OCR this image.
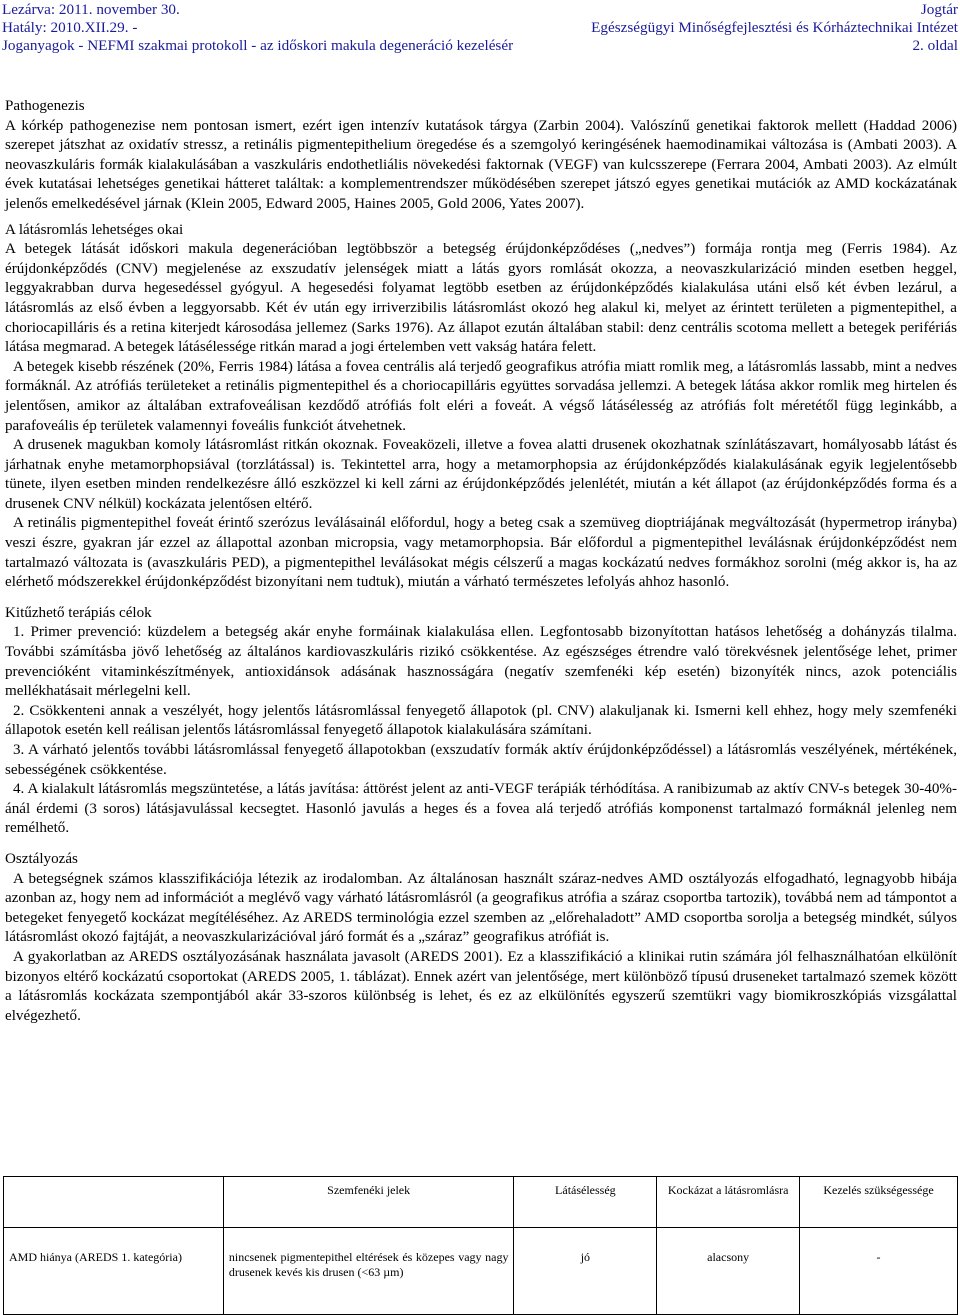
Lezárva: 2011. november 30.	Jogtár
Hatály: 2010.XII.29. -	Egészségügyi Minőségfejlesztési és Kórháztechnikai Intézet
Joganyagok - NEFMI szakmai protokoll - az időskori makula degeneráció kezelésér	2. oldal
Pathogenezis

A kórkép pathogenezise nem pontosan ismert, ezért igen intenzív kutatások tárgya (Zarbin 2004). Valószínű genetikai faktorok mellett (Haddad 2006) szerepet játszhat az oxidatív stressz, a retinális pigmentepithelium öregedése és a szemgolyó keringésének haemodinamikai változása is (Ambati 2003). A neovaszkuláris formák kialakulásában a vaszkuláris endothetliális növekedési faktornak (VEGF) van kulcsszerepe (Ferrara 2004, Ambati 2003). Az elmúlt évek kutatásai lehetséges genetikai hátteret találtak: a komplementrendszer működésében szerepet játszó egyes genetikai mutációk az AMD kockázatának jelenős emelkedésével járnak (Klein 2005, Edward 2005, Haines 2005, Gold 2006, Yates 2007).

A látásromlás lehetséges okai

A betegek látását időskori makula degenerációban legtöbbször a betegség érújdonképződéses („nedves”) formája rontja meg (Ferris 1984). Az érújdonképződés (CNV) megjelenése az exszudatív jelenségek miatt a látás gyors romlását okozza, a neovaszkularizáció minden esetben heggel, leggyakrabban durva hegesedéssel gyógyul. A hegesedési folyamat legtöbb esetben az érújdonképződés kialakulása utáni első két évben lezárul, a látásromlás az első évben a leggyorsabb. Két év után egy irriverzibilis látásromlást okozó heg alakul ki, melyet az érintett területen a pigmentepithel, a choriocapilláris és a retina kiterjedt károsodása jellemez (Sarks 1976). Az állapot ezután általában stabil: denz centrális scotoma mellett a betegek perifériás látása megmarad. A betegek látásélessége ritkán marad a jogi értelemben vett vakság határa felett.

A betegek kisebb részének (20%, Ferris 1984) látása a fovea centrális alá terjedő geografikus atrófia miatt romlik meg, a látásromlás lassabb, mint a nedves formáknál. Az atrófiás területeket a retinális pigmentepithel és a choriocapilláris együttes sorvadása jellemzi. A betegek látása akkor romlik meg hirtelen és jelentősen, amikor az általában extrafoveálisan kezdődő atrófiás folt eléri a foveát. A végső látásélesség az atrófiás folt méretétől függ leginkább, a parafoveális ép területek valamennyi foveális funkciót átvehetnek.

A drusenek magukban komoly látásromlást ritkán okoznak. Foveaközeli, illetve a fovea alatti drusenek okozhatnak színlátászavart, homályosabb látást és járhatnak enyhe metamorphopsiával (torzlátással) is. Tekintettel arra, hogy a metamorphopsia az érújdonképződés kialakulásának egyik legjelentősebb tünete, ilyen esetben minden rendelkezésre álló eszközzel ki kell zárni az érújdonképződés jelenlétét, miután a két állapot (az érújdonképződés forma és a drusenek CNV nélkül) kockázata jelentősen eltérő.

A retinális pigmentepithel foveát érintő szerózus leválásainál előfordul, hogy a beteg csak a szemüveg dioptriájának megváltozását (hypermetrop irányba) veszi észre, gyakran jár ezzel az állapottal azonban micropsia, vagy metamorphopsia. Bár előfordul a pigmentepithel leválásnak érújdonképződést nem tartalmazó változata is (avaszkuláris PED), a pigmentepithel leválásokat mégis célszerű a magas kockázatú nedves formákhoz sorolni (még akkor is, ha az elérhető módszerekkel érújdonképződést bizonyítani nem tudtuk), miután a várható természetes lefolyás ahhoz hasonló.

Kitűzhető terápiás célok

1. Primer prevenció: küzdelem a betegség akár enyhe formáinak kialakulása ellen. Legfontosabb bizonyítottan hatásos lehetőség a dohányzás tilalma. További számításba jövő lehetőség az általános kardiovaszkuláris rizikó csökkentése. Az egészséges étrendre való törekvésnek jelentősége lehet, primer prevencióként vitaminkészítmények, antioxidánsok adásának hasznosságára (negatív szemfenéki kép esetén) bizonyíték nincs, azok potenciális mellékhatásait mérlegelni kell.

2. Csökkenteni annak a veszélyét, hogy jelentős látásromlással fenyegető állapotok (pl. CNV) alakuljanak ki. Ismerni kell ehhez, hogy mely szemfenéki állapotok esetén kell reálisan jelentős látásromlással fenyegető állapotok kialakulására számítani.

3. A várható jelentős további látásromlással fenyegető állapotokban (exszudatív formák aktív érújdonképződéssel) a látásromlás veszélyének, mértékének, sebességének csökkentése.

4. A kialakult látásromlás megszüntetése, a látás javítása: áttörést jelent az anti-VEGF terápiák térhódítása. A ranibizumab az aktív CNV-s betegek 30-40%-ánál érdemi (3 soros) látásjavulással kecsegtet. Hasonló javulás a heges és a fovea alá terjedő atrófiás komponenst tartalmazó formáknál jelenleg nem remélhető.

Osztályozás

A betegségnek számos klasszifikációja létezik az irodalomban. Az általánosan használt száraz-nedves AMD osztályozás elfogadható, legnagyobb hibája azonban az, hogy nem ad információt a meglévő vagy várható látásromlásról (a geografikus atrófia a száraz csoportba tartozik), továbbá nem ad támpontot a betegeket fenyegető kockázat megítéléséhez. Az AREDS terminológia ezzel szemben az „előrehaladott” AMD csoportba sorolja a betegség mindkét, súlyos látásromlást okozó fajtáját, a neovaszkularizációval járó formát és a „száraz” geografikus atrófiát is.

A gyakorlatban az AREDS osztályozásának használata javasolt (AREDS 2001). Ez a klasszifikáció a klinikai rutin számára jól felhasználhatóan elkülönít bizonyos eltérő kockázatú csoportokat (AREDS 2005, 1. táblázat). Ennek azért van jelentősége, mert különböző típusú druseneket tartalmazó szemek között a látásromlás kockázata szempontjából akár 33-szoros különbség is lehet, és ez az elkülönítés egyszerű szemtükri vagy biomikroszkópiás vizsgálattal elvégezhető.

	Szemfenéki jelek	Látásélesség	Kockázat a látásromlásra	Kezelés szükségessége
AMD hiánya (AREDS 1. kategória)	nincsenek pigmentepithel eltérések és közepes vagy nagy drusenek kevés kis drusen (<63 µm)	jó	alacsony	-
